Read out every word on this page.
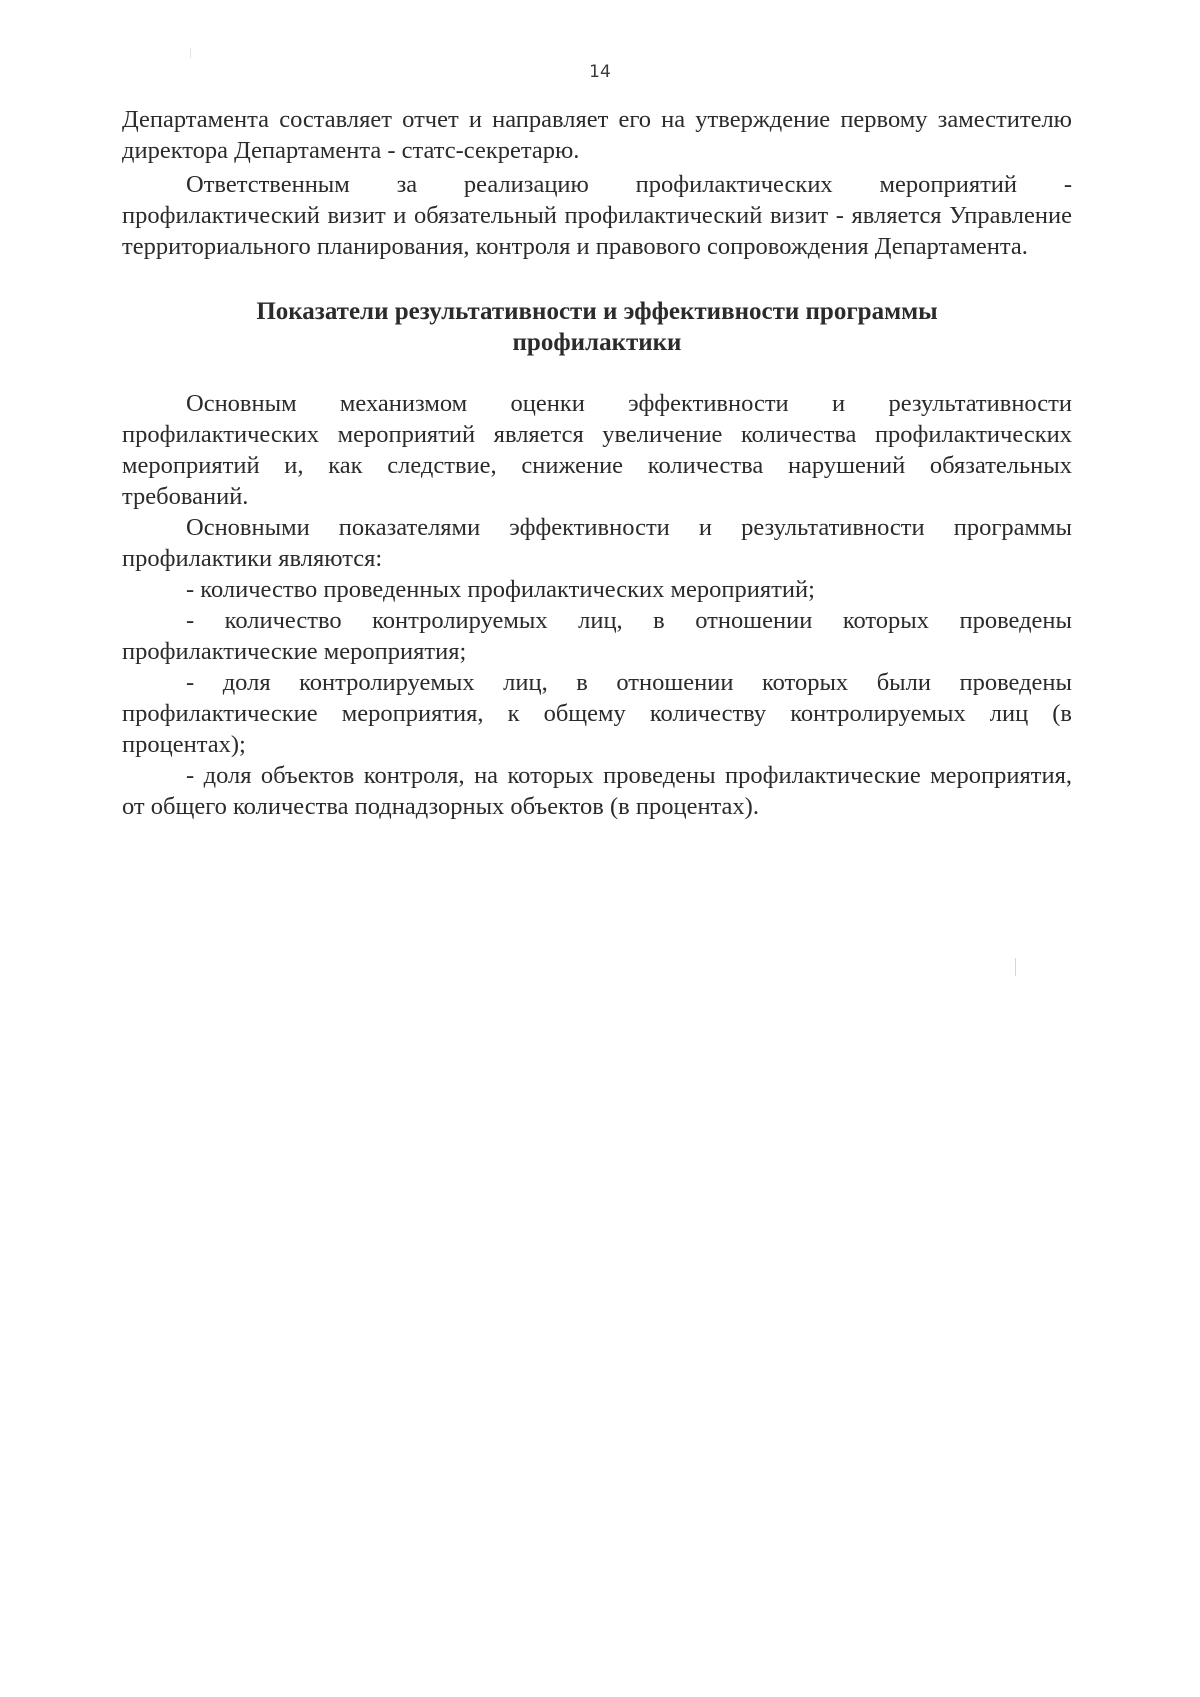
14

Департамента составляет отчет и направляет его на утверждение первому заместителю директора Департамента - статс-секретарю.

Ответственным за реализацию профилактических мероприятий - профилактический визит и обязательный профилактический визит - является Управление территориального планирования, контроля и правового сопровождения Департамента.

Показатели результативности и эффективности программы профилактики

Основным механизмом оценки эффективности и результативности профилактических мероприятий является увеличение количества профилактических мероприятий и, как следствие, снижение количества нарушений обязательных требований.

Основными показателями эффективности и результативности программы профилактики являются:

- количество проведенных профилактических мероприятий;

- количество контролируемых лиц, в отношении которых проведены профилактические мероприятия;

- доля контролируемых лиц, в отношении которых были проведены профилактические мероприятия, к общему количеству контролируемых лиц (в процентах);

- доля объектов контроля, на которых проведены профилактические мероприятия, от общего количества поднадзорных объектов (в процентах).
